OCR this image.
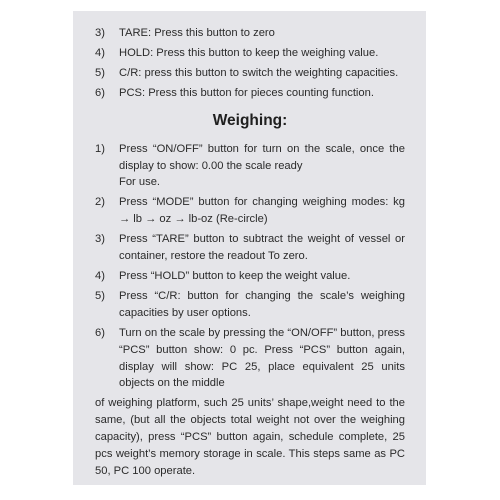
3)	TARE: Press this button to zero
4)	HOLD: Press this button to keep the weighing value.
5)	C/R: press this button to switch the weighting capacities.
6)	PCS: Press this button for pieces counting function.
Weighing:
1)	Press “ON/OFF” button for turn on the scale, once the display to show: 0.00 the scale ready
For use.
2)	Press “MODE” button for changing weighing modes: kg → lb → oz → lb-oz (Re-circle)
3)	Press “TARE” button to subtract the weight of vessel or container, restore the readout To zero.
4)	Press “HOLD” button to keep the weight value.
5)	Press “C/R: button for changing the scale’s weighing capacities by user options.
6)	Turn on the scale by pressing the “ON/OFF” button, press “PCS” button show: 0 pc. Press “PCS” button again, display will show: PC 25, place equivalent 25 units objects on the middle
of weighing platform, such 25 units’ shape,weight need to the same, (but all the objects total weight not over the weighing capacity), press “PCS” button again, schedule complete, 25 pcs weight’s memory storage in scale. This steps same as PC 50, PC 100 operate.
